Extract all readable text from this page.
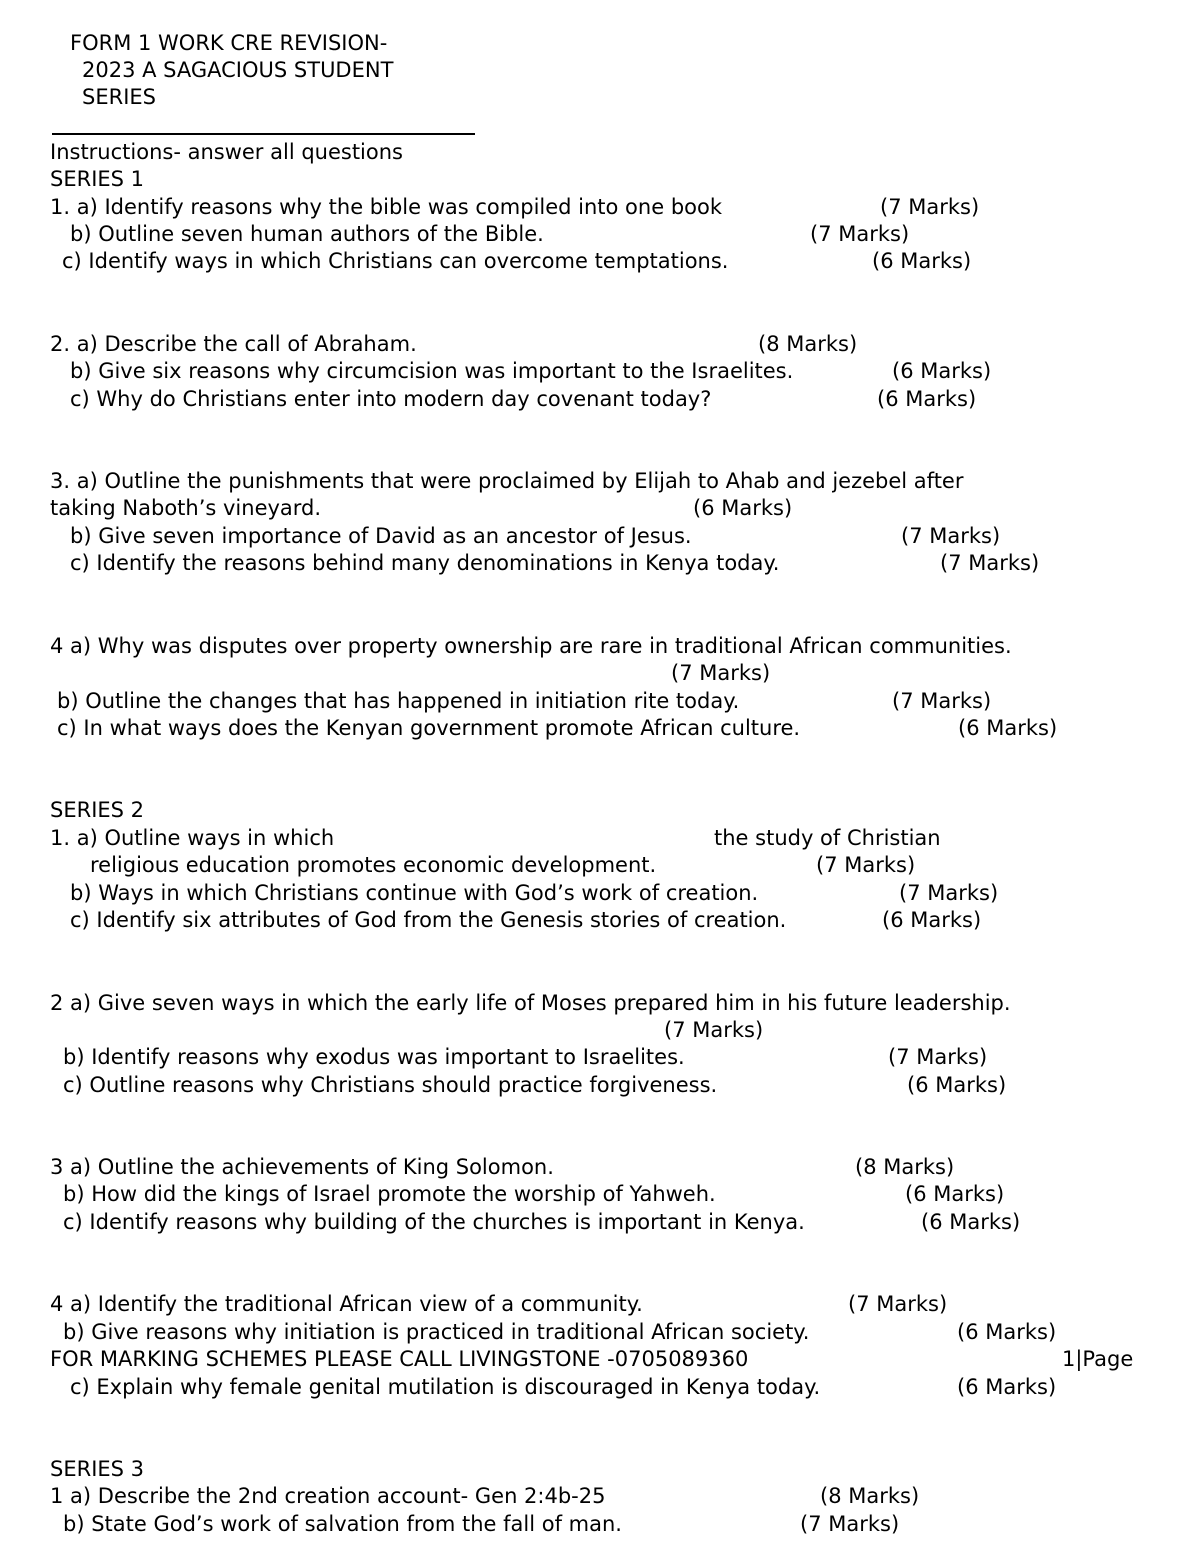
FORM 1 WORK CRE REVISION-
2023 A SAGACIOUS STUDENT
SERIES
Instructions- answer all questions
SERIES 1
1. a) Identify reasons why the bible was compiled into one book	(7 Marks)
b) Outline seven human authors of the Bible.	(7 Marks)
c) Identify ways in which Christians can overcome temptations.	(6 Marks)
2. a) Describe the call of Abraham.	(8 Marks)
b) Give six reasons why circumcision was important to the Israelites.	(6 Marks)
c) Why do Christians enter into modern day covenant today?	(6 Marks)
3. a) Outline the punishments that were proclaimed by Elijah to Ahab and jezebel after
taking Naboth’s vineyard.	(6 Marks)
b) Give seven importance of David as an ancestor of Jesus.	(7 Marks)
c) Identify the reasons behind many denominations in Kenya today.	(7 Marks)
4 a) Why was disputes over property ownership are rare in traditional African communities.
(7 Marks)
b) Outline the changes that has happened in initiation rite today.	(7 Marks)
c) In what ways does the Kenyan government promote African culture.	(6 Marks)
SERIES 2
1. a) Outline ways in which	the study of Christian
religious education promotes economic development.	(7 Marks)
b) Ways in which Christians continue with God’s work of creation.	(7 Marks)
c) Identify six attributes of God from the Genesis stories of creation.	(6 Marks)
2 a) Give seven ways in which the early life of Moses prepared him in his future leadership.
(7 Marks)
b) Identify reasons why exodus was important to Israelites.	(7 Marks)
c) Outline reasons why Christians should practice forgiveness.	(6 Marks)
3 a) Outline the achievements of King Solomon.	(8 Marks)
b) How did the kings of Israel promote the worship of Yahweh.	(6 Marks)
c) Identify reasons why building of the churches is important in Kenya.	(6 Marks)
4 a) Identify the traditional African view of a community.	(7 Marks)
b) Give reasons why initiation is practiced in traditional African society.	(6 Marks)
FOR MARKING SCHEMES PLEASE CALL LIVINGSTONE -0705089360	1|Page
c) Explain why female genital mutilation is discouraged in Kenya today.	(6 Marks)
SERIES 3
1 a) Describe the 2nd creation account- Gen 2:4b-25	(8 Marks)
b) State God’s work of salvation from the fall of man.	(7 Marks)
